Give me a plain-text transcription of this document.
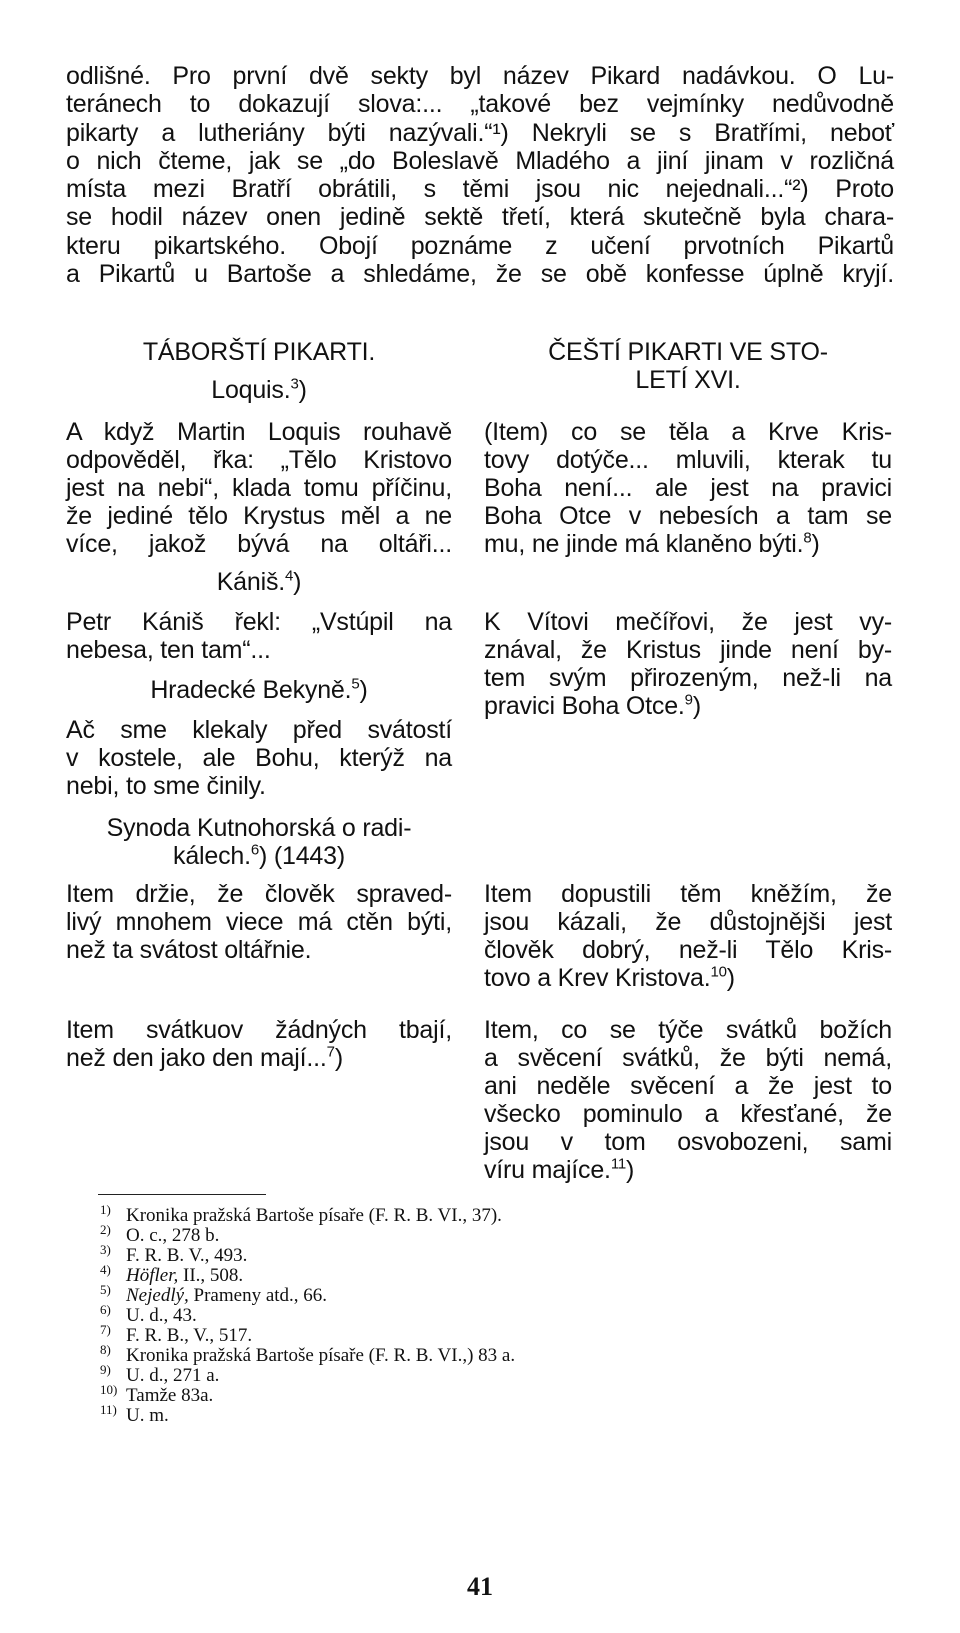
odlišné. Pro první dvě sekty byl název Pikard nadávkou. O Lu-
teránech to dokazují slova:... „takové bez vejmínky nedůvodně
pikarty a lutheriány býti nazývali.“¹) Nekryli se s Bratřími, neboť
o nich čteme, jak se „do Boleslavě Mladého a jiní jinam v rozličná
místa mezi Bratří obrátili, s těmi jsou nic nejednali...“²) Proto
se hodil název onen jedině sektě třetí, která skutečně byla chara-
kteru pikartského. Obojí poznáme z učení prvotních Pikartů
a Pikartů u Bartoše a shledáme, že se obě konfesse úplně kryjí.
TÁBORŠTÍ PIKARTI.
Loquis.$^3$)
A když Martin Loquis rouhavě
odpověděl, řka: „Tělo Kristovo
jest na nebi“, klada tomu příčinu,
že jediné tělo Krystus měl a ne
více, jakož bývá na oltáři...
Kániš.$^4$)
Petr Kániš řekl: „Vstúpil na
nebesa, ten tam“...
Hradecké Bekyně.$^5$)
Ač sme klekaly před svátostí
v kostele, ale Bohu, kterýž na
nebi, to sme činily.
Synoda Kutnohorská o radi-
kálech.$^6$) (1443)
Item držie, že člověk spraved-
livý mnohem viece má ctěn býti,
než ta svátost oltářnie.
Item svátkuov žádných tbají,
než den jako den mají...$^7$)
ČEŠTÍ PIKARTI VE STO-
LETÍ XVI.
(Item) co se těla a Krve Kris-
tovy dotýče... mluvili, kterak tu
Boha není... ale jest na pravici
Boha Otce v nebesích a tam se
mu, ne jinde má klaněno býti.$^8$)
K Vítovi mečířovi, že jest vy-
znával, že Kristus jinde není by-
tem svým přirozeným, než-li na
pravici Boha Otce.$^9$)
Item dopustili těm kněžím, že
jsou kázali, že důstojnějši jest
člověk dobrý, než-li Tělo Kris-
tovo a Krev Kristova.$^{10}$)
Item, co se týče svátků božích
a svěcení svátků, že býti nemá,
ani neděle svěcení a že jest to
všecko pominulo a křesťané, že
jsou v tom osvobozeni, sami
víru majíce.$^{11}$)
1) Kronika pražská Bartoše písaře (F. R. B. VI., 37).
2) O. c., 278 b.
3) F. R. B. V., 493.
4) Höfler, II., 508.
5) Nejedlý, Prameny atd., 66.
6) U. d., 43.
7) F. R. B., V., 517.
8) Kronika pražská Bartoše písaře (F. R. B. VI.,) 83 a.
9) U. d., 271 a.
10) Tamže 83a.
11) U. m.
41
